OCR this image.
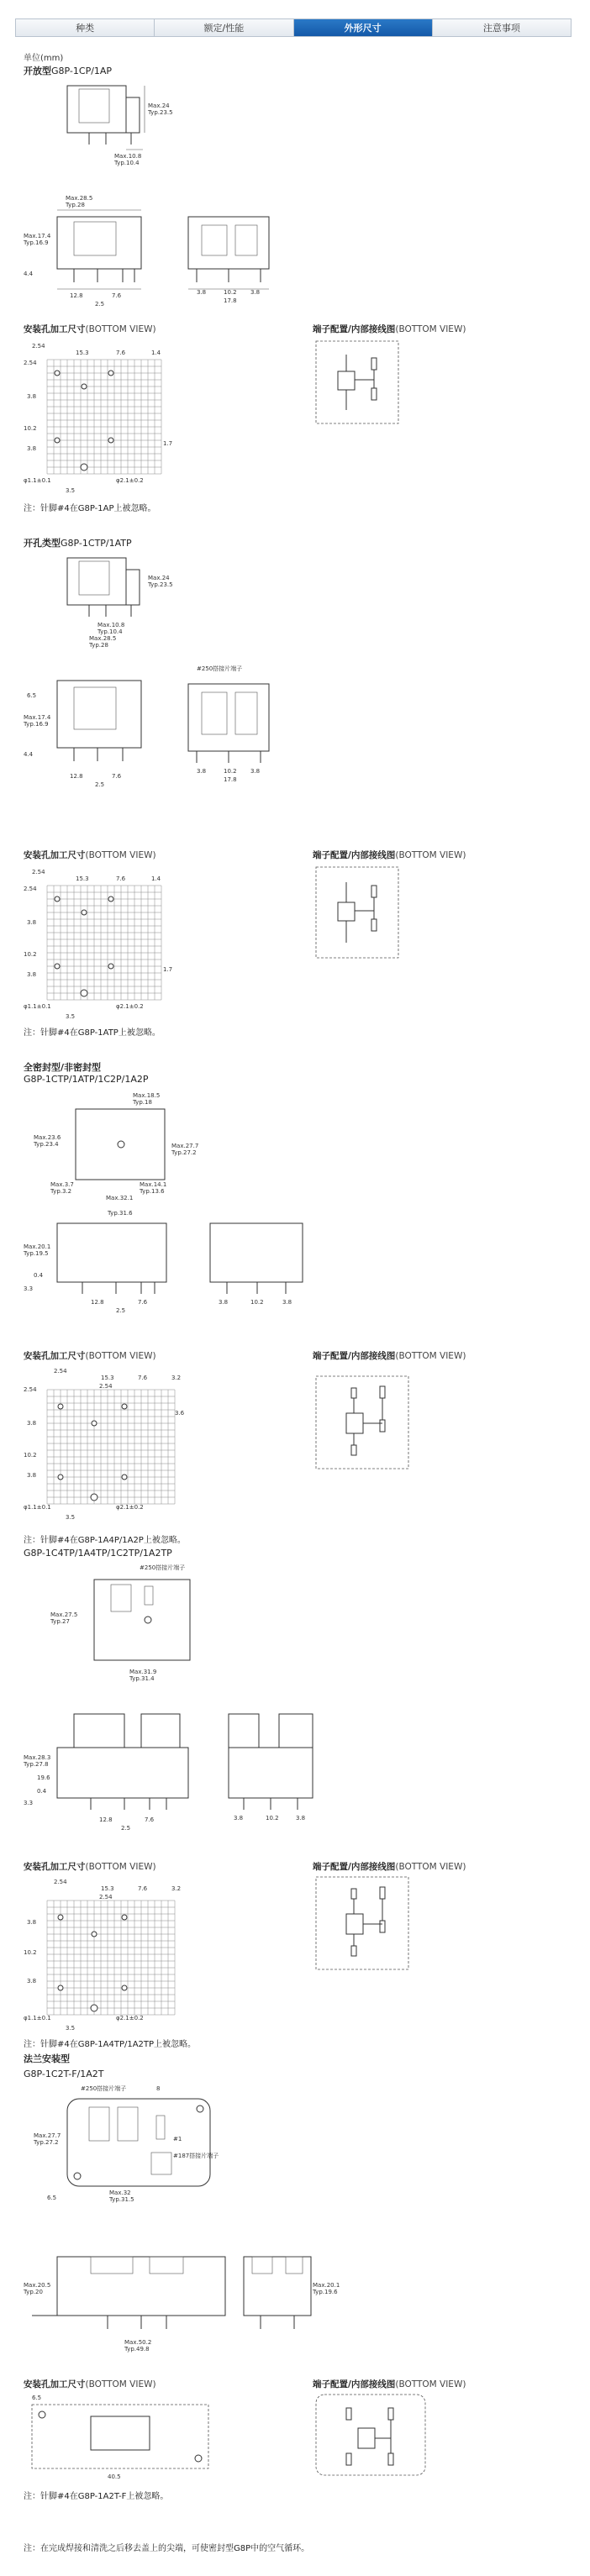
种类	额定/性能	外形尺寸	注意事项
单位(mm)
开放型G8P-1CP/1AP
Max.24
Typ.23.5
Max.10.8
Typ.10.4
Max.28.5
Typ.28
Max.17.4
Typ.16.9
4.4
12.8	7.6
2.5
3.8	10.2 3.8
17.8
安装孔加工尺寸(BOTTOM VIEW)	端子配置/内部接线图(BOTTOM VIEW)
2.54
15.3	7.6	1.4
2.54
3.8
10.2
3.8
1.7
φ1.1±0.1	φ2.1±0.2
3.5
注：针脚#4在G8P-1AP上被忽略。
开孔类型G8P-1CTP/1ATP
Max.24
Typ.23.5
Max.10.8
Typ.10.4
Max.28.5
Typ.28
6.5
Max.17.4
Typ.16.9
4.4
12.8	7.6
2.5
#250搭接片端子
3.8	10.2 3.8
17.8
安装孔加工尺寸(BOTTOM VIEW)	端子配置/内部接线图(BOTTOM VIEW)
2.54
15.3	7.6	1.4
2.54
3.8
10.2
3.8
1.7
φ1.1±0.1	φ2.1±0.2
3.5
注：针脚#4在G8P-1ATP上被忽略。
全密封型/非密封型
G8P-1CTP/1ATP/1C2P/1A2P
Max.18.5
Typ.18
Max.23.6
Typ.23.4	Max.27.7
Typ.27.2
Max.3.7
Typ.3.2
Max.14.1
Typ.13.6
Max.32.1
Typ.31.6
Max.20.1
Typ.19.5
0.4
3.3
12.8	7.6
2.5
3.8	10.2	3.8
安装孔加工尺寸(BOTTOM VIEW)	端子配置/内部接线图(BOTTOM VIEW)
2.54
15.3	7.6	3.2
2.54
2.54
3.6
3.8
10.2
3.8
φ1.1±0.1	φ2.1±0.2
3.5
注：针脚#4在G8P-1A4P/1A2P上被忽略。
G8P-1C4TP/1A4TP/1C2TP/1A2TP
#250搭接片端子
Max.27.5
Typ.27
Max.31.9
Typ.31.4
Max.28.3
Typ.27.8
19.6
0.4
3.3
12.8	7.6
2.5
3.8	10.2	3.8
安装孔加工尺寸(BOTTOM VIEW)	端子配置/内部接线图(BOTTOM VIEW)
2.54
15.3	7.6	3.2
2.54
3.8
10.2
3.8
φ1.1±0.1	φ2.1±0.2
3.5
注：针脚#4在G8P-1A4TP/1A2TP上被忽略。
法兰安装型
G8P-1C2T-F/1A2T
#250搭接片端子	8
Max.27.7
Typ.27.2	#1
#187搭接片端子
6.5
Max.32
Typ.31.5
Max.20.5
Typ.20
Max.50.2
Typ.49.8
Max.20.1
Typ.19.6
安装孔加工尺寸(BOTTOM VIEW)	端子配置/内部接线图(BOTTOM VIEW)
6.5
40.5
注：针脚#4在G8P-1A2T-F上被忽略。
注：在完成焊接和清洗之后移去盖上的尖端，可使密封型G8P中的空气循环。
